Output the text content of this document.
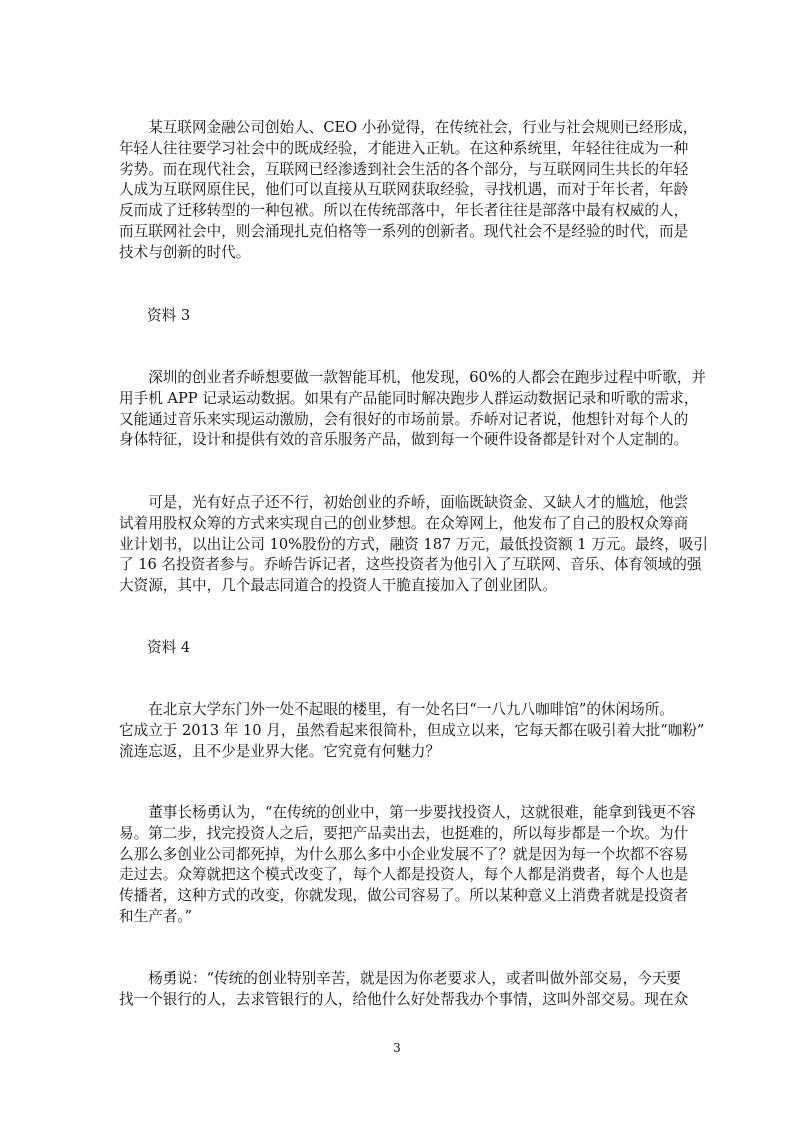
　　某互联网金融公司创始人、CEO 小孙觉得，在传统社会，行业与社会规则已经形成，
年轻人往往要学习社会中的既成经验，才能进入正轨。在这种系统里，年轻往往成为一种
劣势。而在现代社会，互联网已经渗透到社会生活的各个部分，与互联网同生共长的年轻
人成为互联网原住民，他们可以直接从互联网获取经验，寻找机遇，而对于年长者，年龄
反而成了迁移转型的一种包袱。所以在传统部落中，年长者往往是部落中最有权威的人，
而互联网社会中，则会涌现扎克伯格等一系列的创新者。现代社会不是经验的时代，而是
技术与创新的时代。

资料 3

　　深圳的创业者乔峤想要做一款智能耳机，他发现，60%的人都会在跑步过程中听歌，并
用手机 APP 记录运动数据。如果有产品能同时解决跑步人群运动数据记录和听歌的需求，
又能通过音乐来实现运动激励，会有很好的市场前景。乔峤对记者说，他想针对每个人的
身体特征，设计和提供有效的音乐服务产品，做到每一个硬件设备都是针对个人定制的。
　　可是，光有好点子还不行，初始创业的乔峤，面临既缺资金、又缺人才的尴尬，他尝
试着用股权众筹的方式来实现自己的创业梦想。在众筹网上，他发布了自己的股权众筹商
业计划书，以出让公司 10%股份的方式，融资 187 万元，最低投资额 1 万元。最终，吸引
了 16 名投资者参与。乔峤告诉记者，这些投资者为他引入了互联网、音乐、体育领域的强
大资源，其中，几个最志同道合的投资人干脆直接加入了创业团队。

资料 4

　　在北京大学东门外一处不起眼的楼里，有一处名曰“一八九八咖啡馆”的休闲场所。
它成立于 2013 年 10 月，虽然看起来很简朴，但成立以来，它每天都在吸引着大批“咖粉”
流连忘返，且不少是业界大佬。它究竟有何魅力？
　　董事长杨勇认为，“在传统的创业中，第一步要找投资人，这就很难，能拿到钱更不容
易。第二步，找完投资人之后，要把产品卖出去，也挺难的，所以每步都是一个坎。为什
么那么多创业公司都死掉，为什么那么多中小企业发展不了？就是因为每一个坎都不容易
走过去。众筹就把这个模式改变了，每个人都是投资人，每个人都是消费者，每个人也是
传播者，这种方式的改变，你就发现，做公司容易了。所以某种意义上消费者就是投资者
和生产者。”
　　杨勇说：“传统的创业特别辛苦，就是因为你老要求人，或者叫做外部交易，今天要
找一个银行的人，去求管银行的人，给他什么好处帮我办个事情，这叫外部交易。现在众
3
